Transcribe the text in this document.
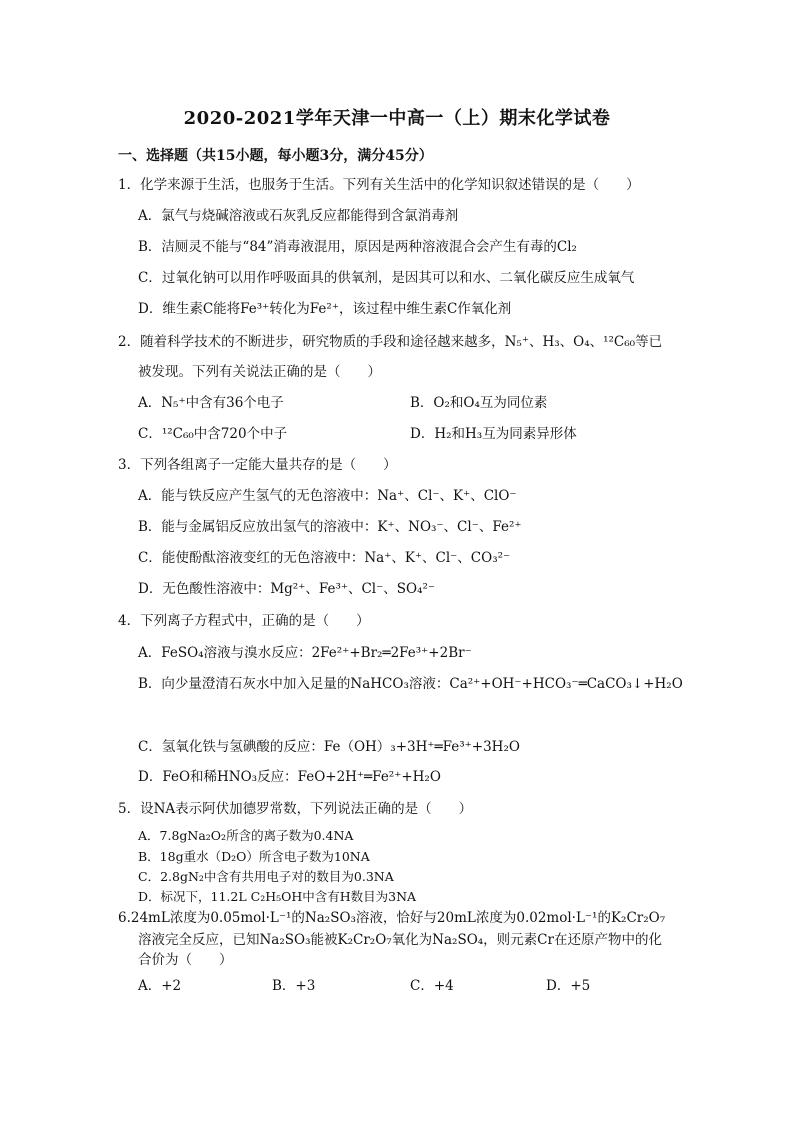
2020-2021学年天津一中高一（上）期末化学试卷
一、选择题（共15小题，每小题3分，满分45分）
1．化学来源于生活，也服务于生活。下列有关生活中的化学知识叙述错误的是（　　）
A．氯气与烧碱溶液或石灰乳反应都能得到含氯消毒剂
B．洁厕灵不能与“84”消毒液混用，原因是两种溶液混合会产生有毒的Cl₂
C．过氧化钠可以用作呼吸面具的供氧剂，是因其可以和水、二氧化碳反应生成氧气
D．维生素C能将Fe³⁺转化为Fe²⁺，该过程中维生素C作氧化剂
2．随着科学技术的不断进步，研究物质的手段和途径越来越多，N₅⁺、H₃、O₄、¹²C₆₀等已
被发现。下列有关说法正确的是（　　）
A．N₅⁺中含有36个电子	B．O₂和O₄互为同位素
C．¹²C₆₀中含720个中子	D．H₂和H₃互为同素异形体
3．下列各组离子一定能大量共存的是（　　）
A．能与铁反应产生氢气的无色溶液中：Na⁺、Cl⁻、K⁺、ClO⁻
B．能与金属铝反应放出氢气的溶液中：K⁺、NO₃⁻、Cl⁻、Fe²⁺
C．能使酚酞溶液变红的无色溶液中：Na⁺、K⁺、Cl⁻、CO₃²⁻
D．无色酸性溶液中：Mg²⁺、Fe³⁺、Cl⁻、SO₄²⁻
4．下列离子方程式中，正确的是（　　）
A．FeSO₄溶液与溴水反应：2Fe²⁺+Br₂═2Fe³⁺+2Br⁻
B．向少量澄清石灰水中加入足量的NaHCO₃溶液：Ca²⁺+OH⁻+HCO₃⁻═CaCO₃↓+H₂O
C．氢氧化铁与氢碘酸的反应：Fe（OH）₃+3H⁺═Fe³⁺+3H₂O
D．FeO和稀HNO₃反应：FeO+2H⁺═Fe²⁺+H₂O
5．设NA表示阿伏加德罗常数，下列说法正确的是（　　）
A．7.8gNa₂O₂所含的离子数为0.4NA
B．18g重水（D₂O）所含电子数为10NA
C．2.8gN₂中含有共用电子对的数目为0.3NA
D．标况下，11.2L C₂H₅OH中含有H数目为3NA
6.24mL浓度为0.05mol·L⁻¹的Na₂SO₃溶液，恰好与20mL浓度为0.02mol·L⁻¹的K₂Cr₂O₇
溶液完全反应，已知Na₂SO₃能被K₂Cr₂O₇氧化为Na₂SO₄，则元素Cr在还原产物中的化
合价为（　　）
A．+2	B．+3	C．+4	D．+5
